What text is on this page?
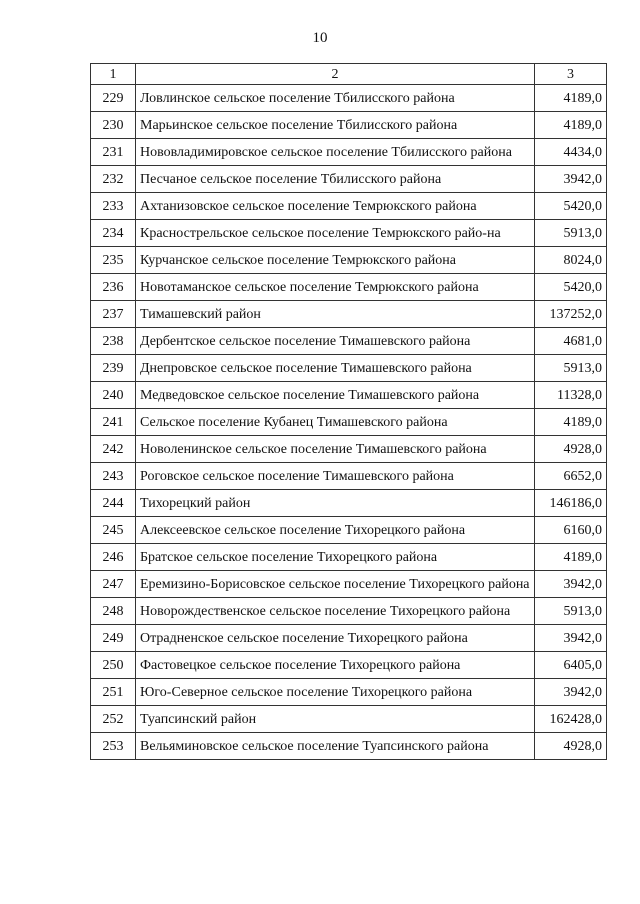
10
1	2	3
229	Ловлинское сельское поселение Тбилисского района	4189,0
230	Марьинское сельское поселение Тбилисского района	4189,0
231	Нововладимировское сельское поселение Тбилисского района	4434,0
232	Песчаное сельское поселение Тбилисского района	3942,0
233	Ахтанизовское сельское поселение Темрюкского района	5420,0
234	Краснострельское сельское поселение Темрюкского райо-на	5913,0
235	Курчанское сельское поселение Темрюкского района	8024,0
236	Новотаманское сельское поселение Темрюкского района	5420,0
237	Тимашевский район	137252,0
238	Дербентское сельское поселение Тимашевского района	4681,0
239	Днепровское сельское поселение Тимашевского района	5913,0
240	Медведовское сельское поселение Тимашевского района	11328,0
241	Сельское поселение Кубанец Тимашевского района	4189,0
242	Новоленинское сельское поселение Тимашевского района	4928,0
243	Роговское сельское поселение Тимашевского района	6652,0
244	Тихорецкий район	146186,0
245	Алексеевское сельское поселение Тихорецкого района	6160,0
246	Братское сельское поселение Тихорецкого района	4189,0
247	Еремизино-Борисовское сельское поселение Тихорецкого района	3942,0
248	Новорождественское сельское поселение Тихорецкого района	5913,0
249	Отрадненское сельское поселение Тихорецкого района	3942,0
250	Фастовецкое сельское поселение Тихорецкого района	6405,0
251	Юго-Северное сельское поселение Тихорецкого района	3942,0
252	Туапсинский район	162428,0
253	Вельяминовское сельское поселение Туапсинского района	4928,0
